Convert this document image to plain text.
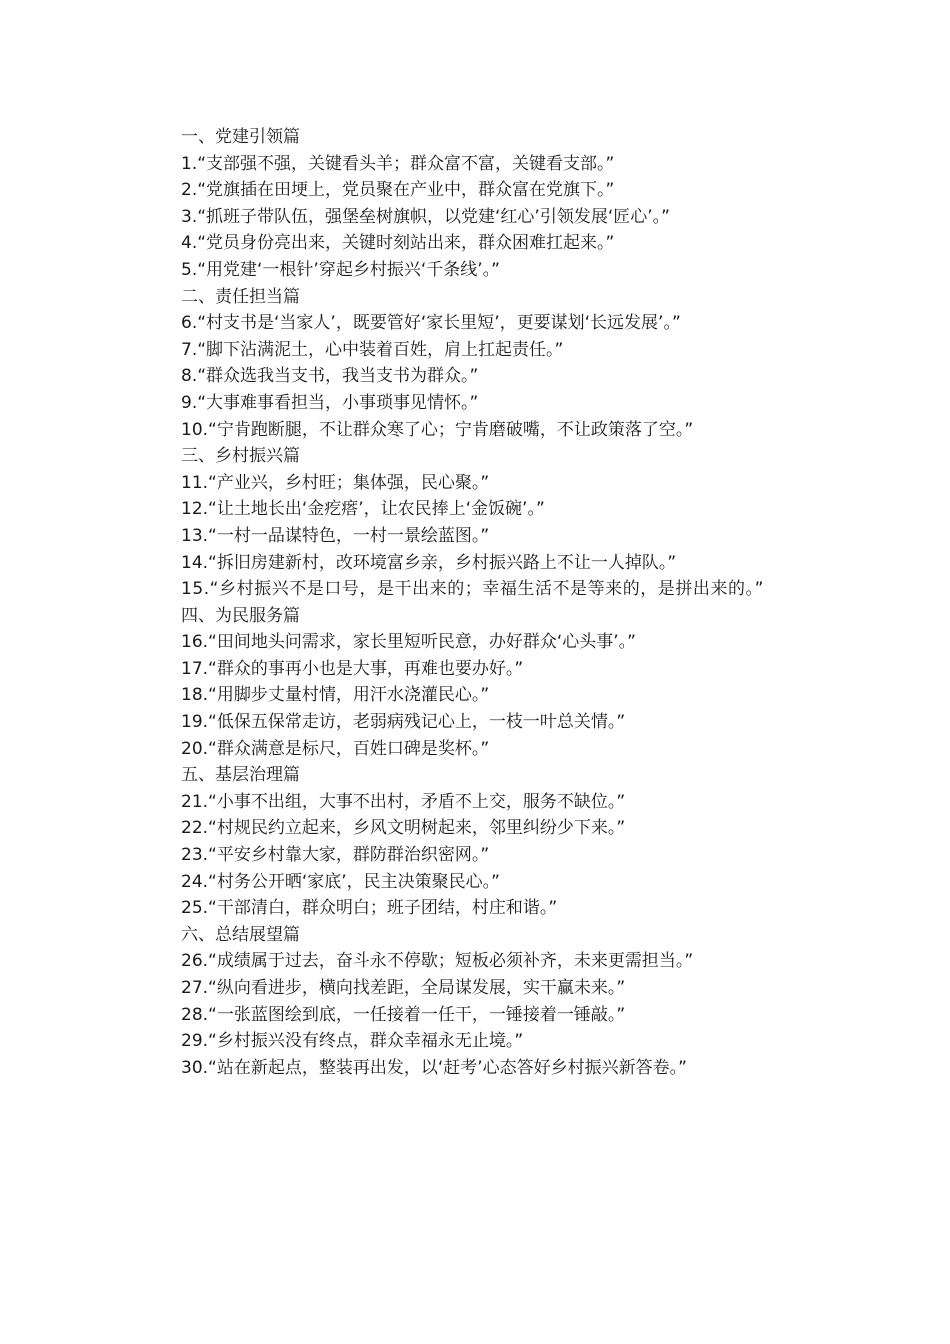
一、党建引领篇

1.“支部强不强，关键看头羊；群众富不富，关键看支部。”

2.“党旗插在田埂上，党员聚在产业中，群众富在党旗下。”

3.“抓班子带队伍，强堡垒树旗帜，以党建‘红心’引领发展‘匠心’。”

4.“党员身份亮出来，关键时刻站出来，群众困难扛起来。”

5.“用党建‘一根针’穿起乡村振兴‘千条线’。”

二、责任担当篇

6.“村支书是‘当家人’，既要管好‘家长里短’，更要谋划‘长远发展’。”

7.“脚下沾满泥土，心中装着百姓，肩上扛起责任。”

8.“群众选我当支书，我当支书为群众。”

9.“大事难事看担当，小事琐事见情怀。”

10.“宁肯跑断腿，不让群众寒了心；宁肯磨破嘴，不让政策落了空。”

三、乡村振兴篇

11.“产业兴，乡村旺；集体强，民心聚。”

12.“让土地长出‘金疙瘩’，让农民捧上‘金饭碗’。”

13.“一村一品谋特色，一村一景绘蓝图。”

14.“拆旧房建新村，改环境富乡亲，乡村振兴路上不让一人掉队。”

15.“乡村振兴不是口号，是干出来的；幸福生活不是等来的，是拼出来的。”

四、为民服务篇

16.“田间地头问需求，家长里短听民意，办好群众‘心头事’。”

17.“群众的事再小也是大事，再难也要办好。”

18.“用脚步丈量村情，用汗水浇灌民心。”

19.“低保五保常走访，老弱病残记心上，一枝一叶总关情。”

20.“群众满意是标尺，百姓口碑是奖杯。”

五、基层治理篇

21.“小事不出组，大事不出村，矛盾不上交，服务不缺位。”

22.“村规民约立起来，乡风文明树起来，邻里纠纷少下来。”

23.“平安乡村靠大家，群防群治织密网。”

24.“村务公开晒‘家底’，民主决策聚民心。”

25.“干部清白，群众明白；班子团结，村庄和谐。”

六、总结展望篇

26.“成绩属于过去，奋斗永不停歇；短板必须补齐，未来更需担当。”

27.“纵向看进步，横向找差距，全局谋发展，实干赢未来。”

28.“一张蓝图绘到底，一任接着一任干，一锤接着一锤敲。”

29.“乡村振兴没有终点，群众幸福永无止境。”

30.“站在新起点，整装再出发，以‘赶考’心态答好乡村振兴新答卷。”
